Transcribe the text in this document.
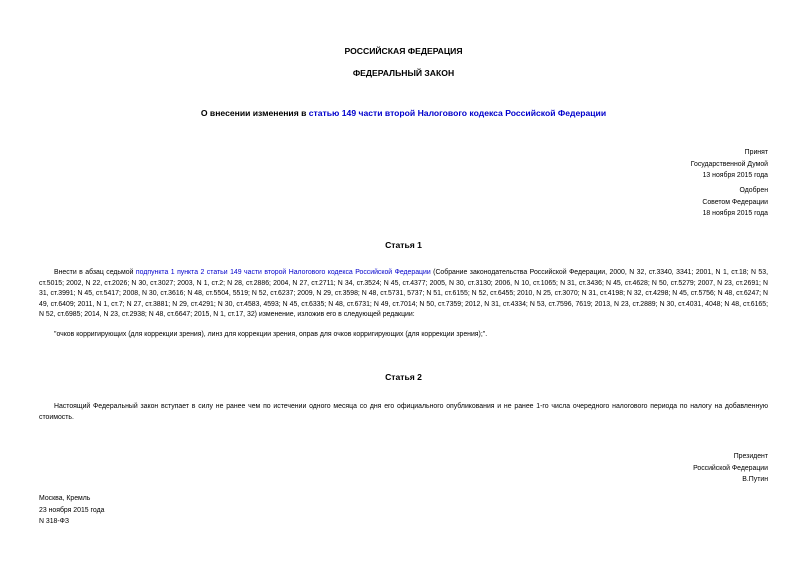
РОССИЙСКАЯ ФЕДЕРАЦИЯ
ФЕДЕРАЛЬНЫЙ ЗАКОН
О внесении изменения в статью 149 части второй Налогового кодекса Российской Федерации
Принят
Государственной Думой
13 ноября 2015 года
Одобрен
Советом Федерации
18 ноября 2015 года
Статья 1
Внести в абзац седьмой подпункта 1 пункта 2 статьи 149 части второй Налогового кодекса Российской Федерации (Собрание законодательства Российской Федерации, 2000, N 32, ст.3340, 3341; 2001, N 1, ст.18; N 53, ст.5015; 2002, N 22, ст.2026; N 30, ст.3027; 2003, N 1, ст.2; N 28, ст.2886; 2004, N 27, ст.2711; N 34, ст.3524; N 45, ст.4377; 2005, N 30, ст.3130; 2006, N 10, ст.1065; N 31, ст.3436; N 45, ст.4628; N 50, ст.5279; 2007, N 23, ст.2691; N 31, ст.3991; N 45, ст.5417; 2008, N 30, ст.3616; N 48, ст.5504, 5519; N 52, ст.6237; 2009, N 29, ст.3598; N 48, ст.5731, 5737; N 51, ст.6155; N 52, ст.6455; 2010, N 25, ст.3070; N 31, ст.4198; N 32, ст.4298; N 45, ст.5756; N 48, ст.6247; N 49, ст.6409; 2011, N 1, ст.7; N 27, ст.3881; N 29, ст.4291; N 30, ст.4583, 4593; N 45, ст.6335; N 48, ст.6731; N 49, ст.7014; N 50, ст.7359; 2012, N 31, ст.4334; N 53, ст.7596, 7619; 2013, N 23, ст.2889; N 30, ст.4031, 4048; N 48, ст.6165; N 52, ст.6985; 2014, N 23, ст.2938; N 48, ст.6647; 2015, N 1, ст.17, 32) изменение, изложив его в следующей редакции:
"очков корригирующих (для коррекции зрения), линз для коррекции зрения, оправ для очков корригирующих (для коррекции зрения);".
Статья 2
Настоящий Федеральный закон вступает в силу не ранее чем по истечении одного месяца со дня его официального опубликования и не ранее 1-го числа очередного налогового периода по налогу на добавленную стоимость.
Президент
Российской Федерации
В.Путин
Москва, Кремль
23 ноября 2015 года
N 318-ФЗ
